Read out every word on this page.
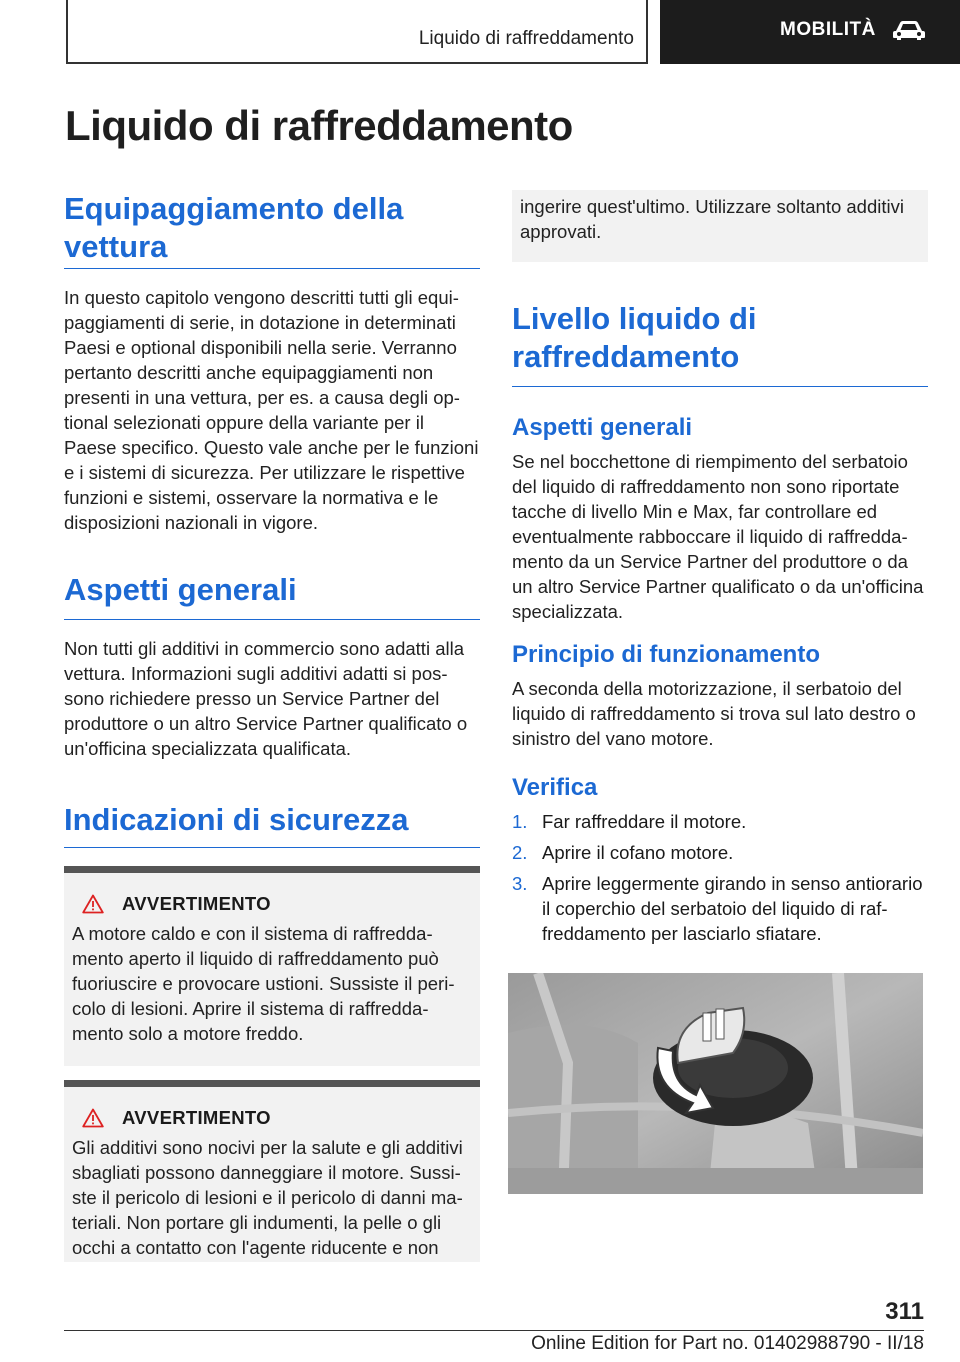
Liquido di raffreddamento	MOBILITÀ
Liquido di raffreddamento
Equipaggiamento della vettura
In questo capitolo vengono descritti tutti gli equipaggiamenti di serie, in dotazione in determinati Paesi e optional disponibili nella serie. Verranno pertanto descritti anche equipaggiamenti non presenti in una vettura, per es. a causa degli optional selezionati oppure della variante per il Paese specifico. Questo vale anche per le funzioni e i sistemi di sicurezza. Per utilizzare le rispettive funzioni e sistemi, osservare la normativa e le disposizioni nazionali in vigore.
Aspetti generali
Non tutti gli additivi in commercio sono adatti alla vettura. Informazioni sugli additivi adatti si possono richiedere presso un Service Partner del produttore o un altro Service Partner qualificato o un'officina specializzata qualificata.
Indicazioni di sicurezza
AVVERTIMENTO
A motore caldo e con il sistema di raffreddamento aperto il liquido di raffreddamento può fuoriuscire e provocare ustioni. Sussiste il pericolo di lesioni. Aprire il sistema di raffreddamento solo a motore freddo.
AVVERTIMENTO
Gli additivi sono nocivi per la salute e gli additivi sbagliati possono danneggiare il motore. Sussiste il pericolo di lesioni e il pericolo di danni materiali. Non portare gli indumenti, la pelle o gli occhi a contatto con l'agente riducente e non
ingerire quest'ultimo. Utilizzare soltanto additivi approvati.
Livello liquido di raffreddamento
Aspetti generali
Se nel bocchettone di riempimento del serbatoio del liquido di raffreddamento non sono riportate tacche di livello Min e Max, far controllare ed eventualmente rabboccare il liquido di raffreddamento da un Service Partner del produttore o da un altro Service Partner qualificato o da un'officina specializzata.
Principio di funzionamento
A seconda della motorizzazione, il serbatoio del liquido di raffreddamento si trova sul lato destro o sinistro del vano motore.
Verifica
1. Far raffreddare il motore.
2. Aprire il cofano motore.
3. Aprire leggermente girando in senso antiorario il coperchio del serbatoio del liquido di raffreddamento per lasciarlo sfiatare.
311
Online Edition for Part no. 01402988790 - II/18
